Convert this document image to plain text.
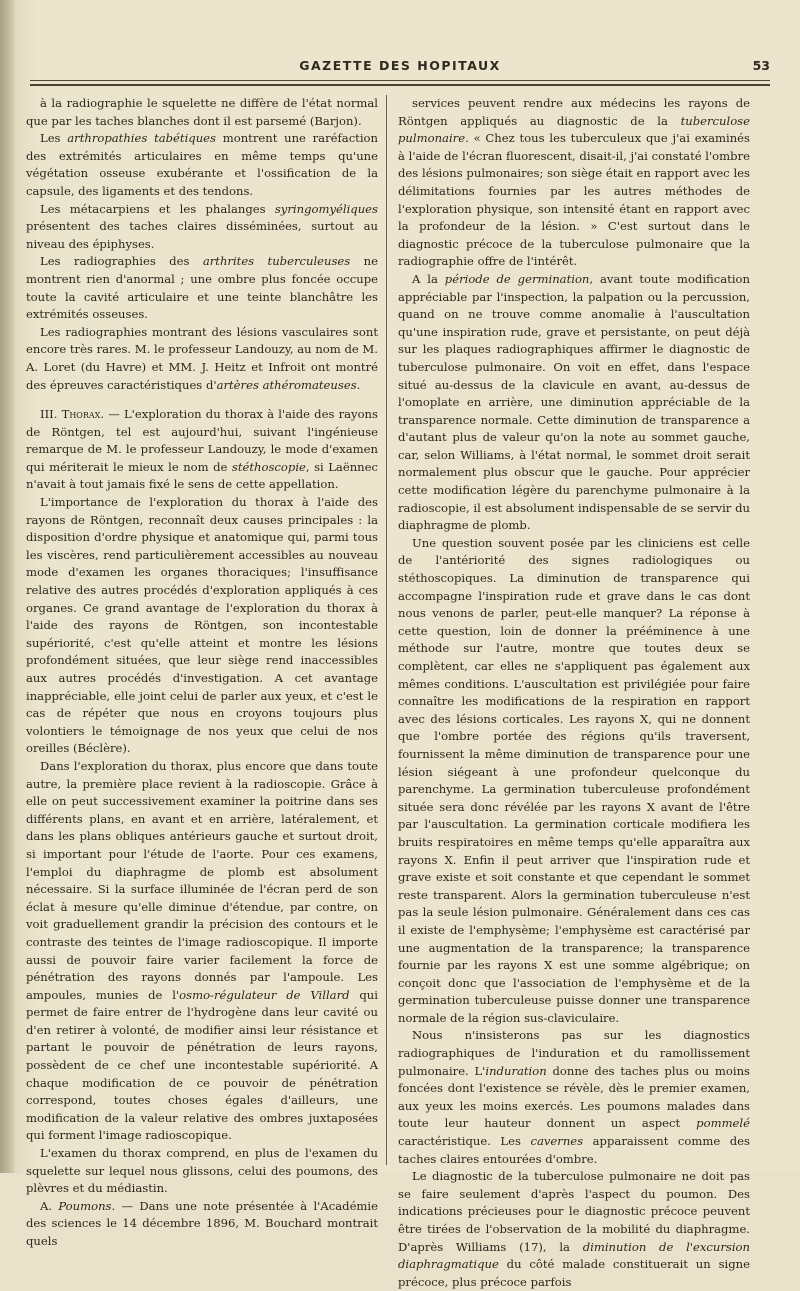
GAZETTE DES HOPITAUX	53

à la radiographie le squelette ne diffère de l'état normal que par les taches blanches dont il est parsemé (Barjon).

Les arthropathies tabétiques montrent une raréfaction des extrémités articulaires en même temps qu'une végétation osseuse exubérante et l'ossification de la capsule, des ligaments et des tendons.

Les métacarpiens et les phalanges syringomyéliques présentent des taches claires disséminées, surtout au niveau des épiphyses.

Les radiographies des arthrites tuberculeuses ne montrent rien d'anormal ; une ombre plus foncée occupe toute la cavité articulaire et une teinte blanchâtre les extrémités osseuses.

Les radiographies montrant des lésions vasculaires sont encore très rares. M. le professeur Landouzy, au nom de M. A. Loret (du Havre) et MM. J. Heitz et Infroit ont montré des épreuves caractéristiques d'artères athéromateuses.

III. Thorax. — L'exploration du thorax à l'aide des rayons de Röntgen, tel est aujourd'hui, suivant l'ingénieuse remarque de M. le professeur Landouzy, le mode d'examen qui mériterait le mieux le nom de stéthoscopie, si Laënnec n'avait à tout jamais fixé le sens de cette appellation.

L'importance de l'exploration du thorax à l'aide des rayons de Röntgen, reconnaît deux causes principales : la disposition d'ordre physique et anatomique qui, parmi tous les viscères, rend particulièrement accessibles au nouveau mode d'examen les organes thoraciques; l'insuffisance relative des autres procédés d'exploration appliqués à ces organes. Ce grand avantage de l'exploration du thorax à l'aide des rayons de Röntgen, son incontestable supériorité, c'est qu'elle atteint et montre les lésions profondément situées, que leur siège rend inaccessibles aux autres procédés d'investigation. A cet avantage inappréciable, elle joint celui de parler aux yeux, et c'est le cas de répéter que nous en croyons toujours plus volontiers le témoignage de nos yeux que celui de nos oreilles (Béclère).

Dans l'exploration du thorax, plus encore que dans toute autre, la première place revient à la radioscopie. Grâce à elle on peut successivement examiner la poitrine dans ses différents plans, en avant et en arrière, latéralement, et dans les plans obliques antérieurs gauche et surtout droit, si important pour l'étude de l'aorte. Pour ces examens, l'emploi du diaphragme de plomb est absolument nécessaire. Si la surface illuminée de l'écran perd de son éclat à mesure qu'elle diminue d'étendue, par contre, on voit graduellement grandir la précision des contours et le contraste des teintes de l'image radioscopique. Il importe aussi de pouvoir faire varier facilement la force de pénétration des rayons donnés par l'ampoule. Les ampoules, munies de l'osmo-régulateur de Villard qui permet de faire entrer de l'hydrogène dans leur cavité ou d'en retirer à volonté, de modifier ainsi leur résistance et partant le pouvoir de pénétration de leurs rayons, possèdent de ce chef une incontestable supériorité. A chaque modification de ce pouvoir de pénétration correspond, toutes choses égales d'ailleurs, une modification de la valeur relative des ombres juxtaposées qui forment l'image radioscopique.

L'examen du thorax comprend, en plus de l'examen du squelette sur lequel nous glissons, celui des poumons, des plèvres et du médiastin.

A. Poumons. — Dans une note présentée à l'Académie des sciences le 14 décembre 1896, M. Bouchard montrait quels

services peuvent rendre aux médecins les rayons de Röntgen appliqués au diagnostic de la tuberculose pulmonaire. « Chez tous les tuberculeux que j'ai examinés à l'aide de l'écran fluorescent, disait-il, j'ai constaté l'ombre des lésions pulmonaires; son siège était en rapport avec les délimitations fournies par les autres méthodes de l'exploration physique, son intensité étant en rapport avec la profondeur de la lésion. » C'est surtout dans le diagnostic précoce de la tuberculose pulmonaire que la radiographie offre de l'intérêt.

A la période de germination, avant toute modification appréciable par l'inspection, la palpation ou la percussion, quand on ne trouve comme anomalie à l'auscultation qu'une inspiration rude, grave et persistante, on peut déjà sur les plaques radiographiques affirmer le diagnostic de tuberculose pulmonaire. On voit en effet, dans l'espace situé au-dessus de la clavicule en avant, au-dessus de l'omoplate en arrière, une diminution appréciable de la transparence normale. Cette diminution de transparence a d'autant plus de valeur qu'on la note au sommet gauche, car, selon Williams, à l'état normal, le sommet droit serait normalement plus obscur que le gauche. Pour apprécier cette modification légère du parenchyme pulmonaire à la radioscopie, il est absolument indispensable de se servir du diaphragme de plomb.

Une question souvent posée par les cliniciens est celle de l'antériorité des signes radiologiques ou stéthoscopiques. La diminution de transparence qui accompagne l'inspiration rude et grave dans le cas dont nous venons de parler, peut-elle manquer? La réponse à cette question, loin de donner la prééminence à une méthode sur l'autre, montre que toutes deux se complètent, car elles ne s'appliquent pas également aux mêmes conditions. L'auscultation est privilégiée pour faire connaître les modifications de la respiration en rapport avec des lésions corticales. Les rayons X, qui ne donnent que l'ombre portée des régions qu'ils traversent, fournissent la même diminution de transparence pour une lésion siégeant à une profondeur quelconque du parenchyme. La germination tuberculeuse profondément située sera donc révélée par les rayons X avant de l'être par l'auscultation. La germination corticale modifiera les bruits respiratoires en même temps qu'elle apparaîtra aux rayons X. Enfin il peut arriver que l'inspiration rude et grave existe et soit constante et que cependant le sommet reste transparent. Alors la germination tuberculeuse n'est pas la seule lésion pulmonaire. Généralement dans ces cas il existe de l'emphysème; l'emphysème est caractérisé par une augmentation de la transparence; la transparence fournie par les rayons X est une somme algébrique; on conçoit donc que l'association de l'emphysème et de la germination tuberculeuse puisse donner une transparence normale de la région sus-claviculaire.

Nous n'insisterons pas sur les diagnostics radiographiques de l'induration et du ramollissement pulmonaire. L'induration donne des taches plus ou moins foncées dont l'existence se révèle, dès le premier examen, aux yeux les moins exercés. Les poumons malades dans toute leur hauteur donnent un aspect pommelé caractéristique. Les cavernes apparaissent comme des taches claires entourées d'ombre.

Le diagnostic de la tuberculose pulmonaire ne doit pas se faire seulement d'après l'aspect du poumon. Des indications précieuses pour le diagnostic précoce peuvent être tirées de l'observation de la mobilité du diaphragme. D'après Williams (17), la diminution de l'excursion diaphragmatique du côté malade constituerait un signe précoce, plus précoce parfois
